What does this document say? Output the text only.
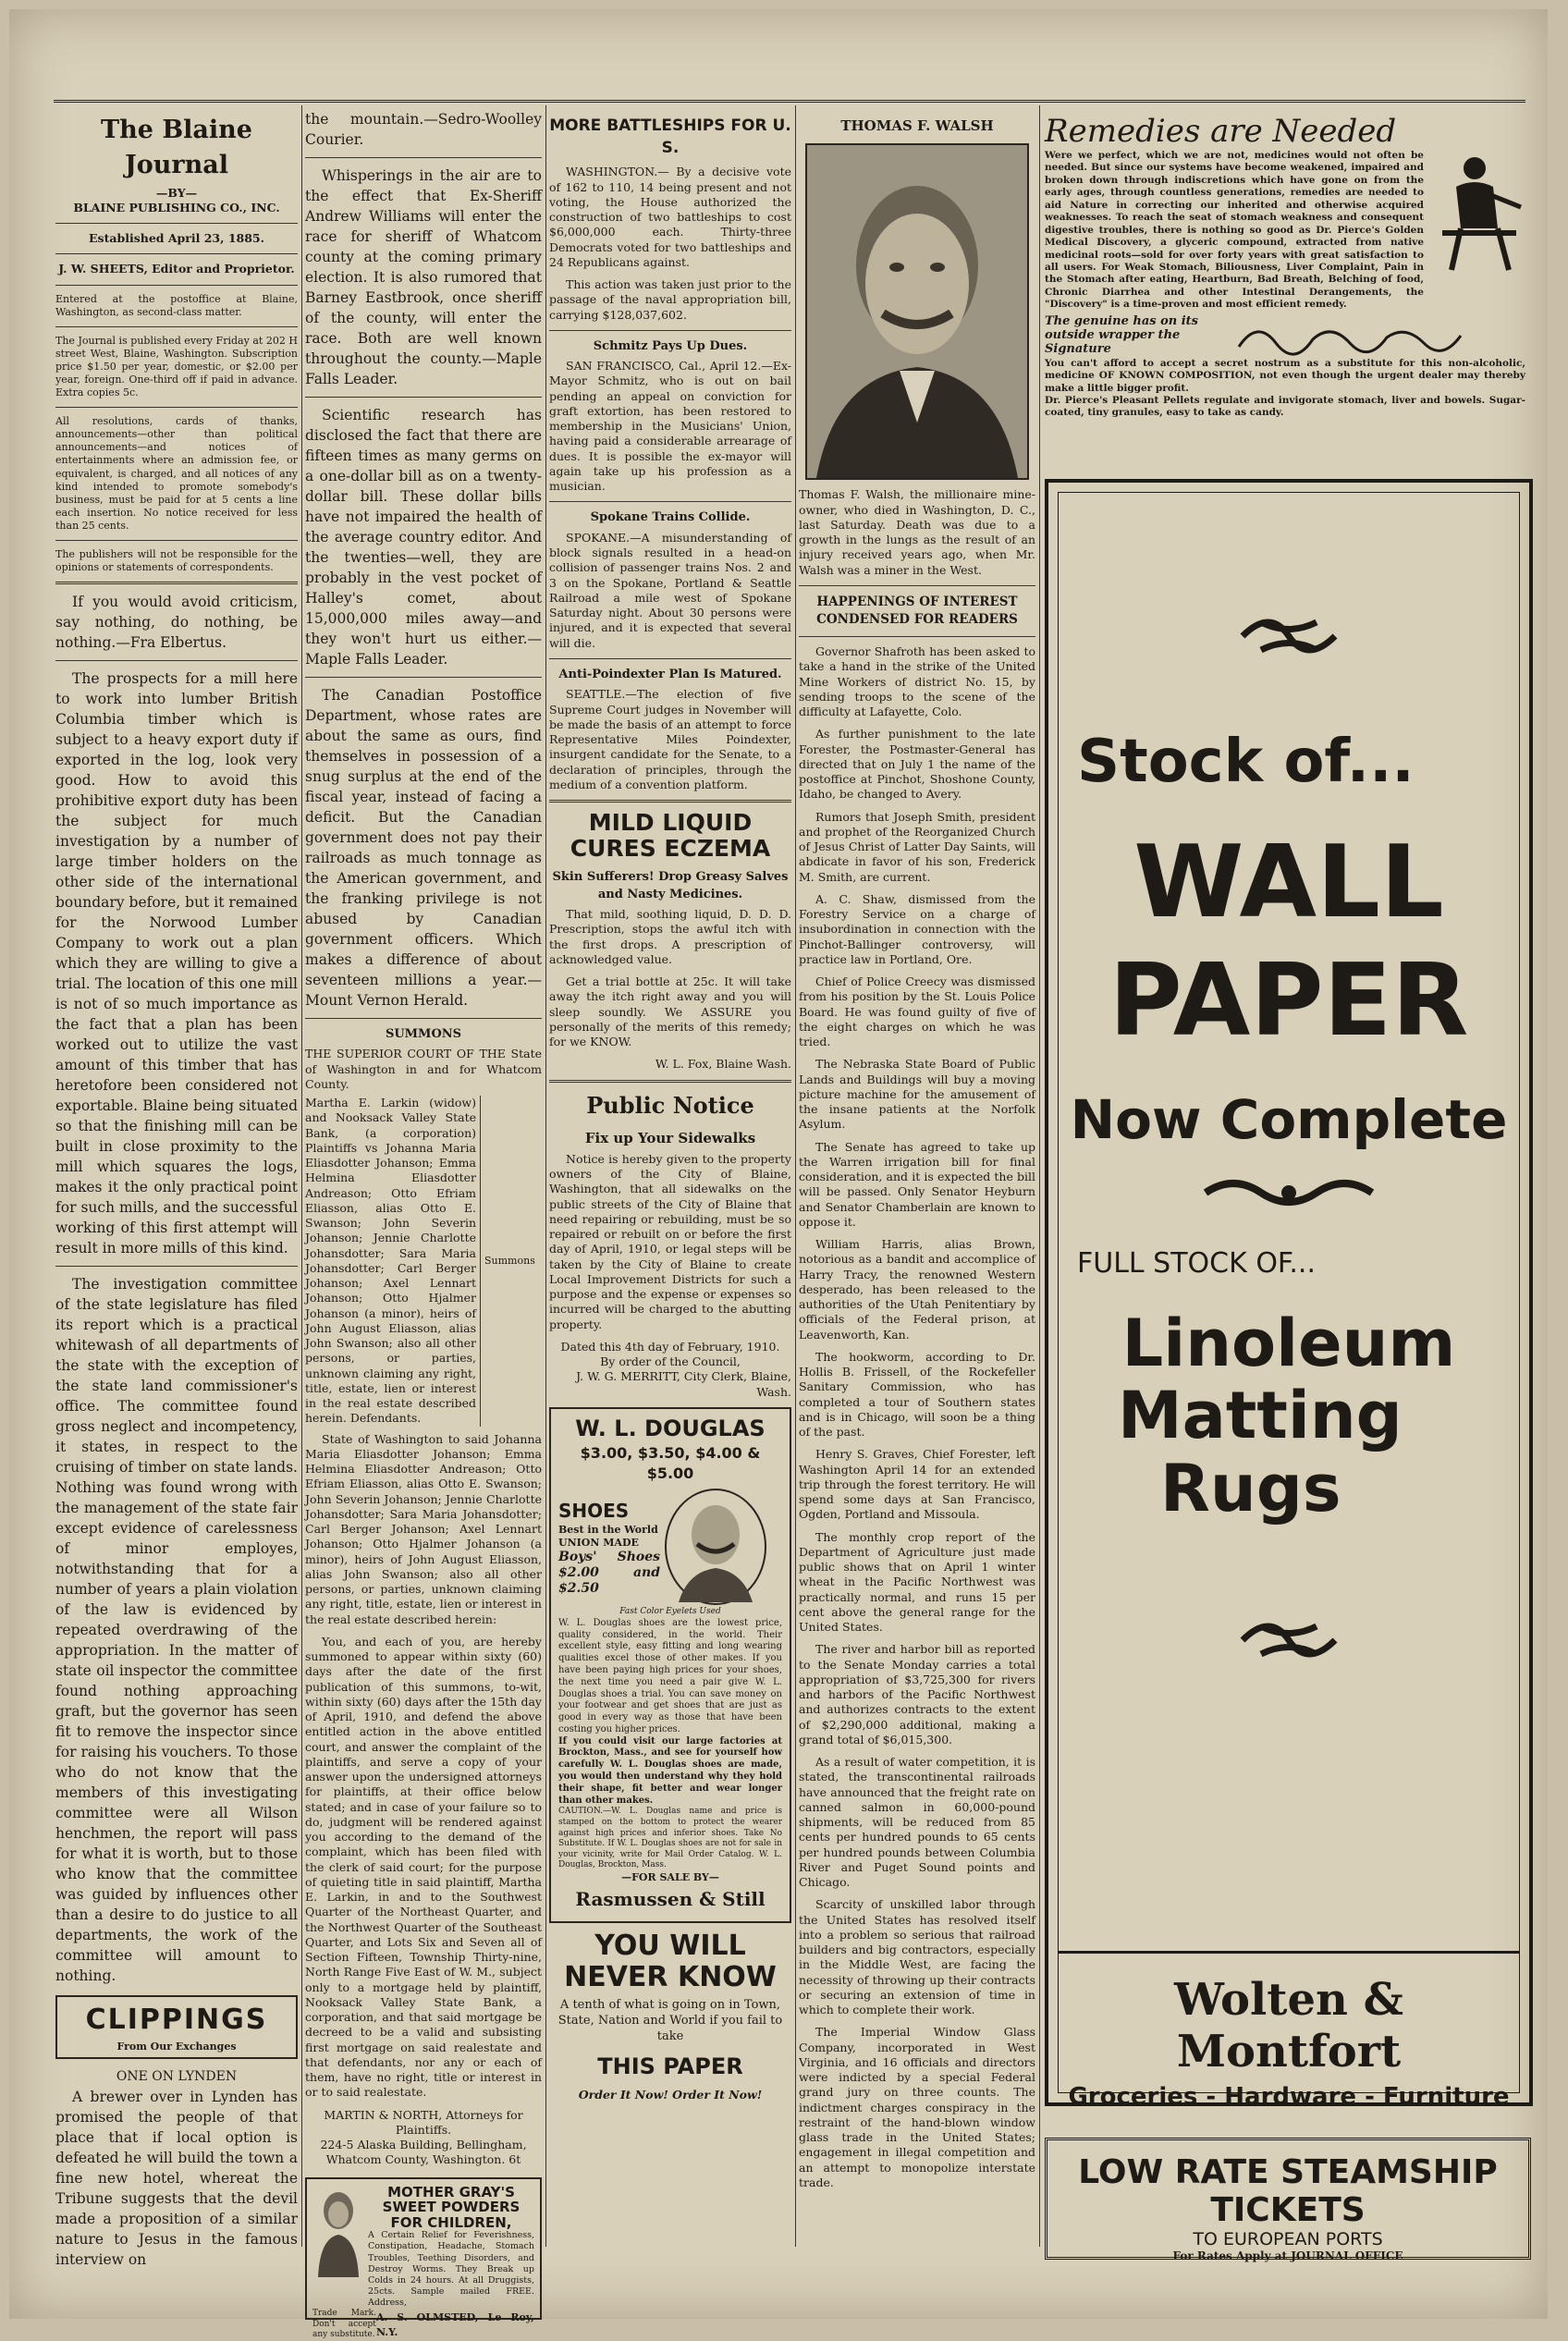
The Blaine Journal
—BY—
BLAINE PUBLISHING CO., INC.
Established April 23, 1885.
J. W. SHEETS, Editor and Proprietor.
Entered at the postoffice at Blaine, Washington, as second-class matter.
The Journal is published every Friday at 202 H street West, Blaine, Washington. Subscription price $1.50 per year, domestic, or $2.00 per year, foreign. One-third off if paid in advance. Extra copies 5c.
All resolutions, cards of thanks, announcements—other than political announcements—and notices of entertainments where an admission fee, or equivalent, is charged, and all notices of any kind intended to promote somebody's business, must be paid for at 5 cents a line each insertion. No notice received for less than 25 cents.
The publishers will not be responsible for the opinions or statements of correspondents.

If you would avoid criticism, say nothing, do nothing, be nothing.—Fra Elbertus.

The prospects for a mill here to work into lumber British Columbia timber which is subject to a heavy export duty if exported in the log, look very good. How to avoid this prohibitive export duty has been the subject for much investigation by a number of large timber holders on the other side of the international boundary before, but it remained for the Norwood Lumber Company to work out a plan which they are willing to give a trial. The location of this one mill is not of so much importance as the fact that a plan has been worked out to utilize the vast amount of this timber that has heretofore been considered not exportable. Blaine being situated so that the finishing mill can be built in close proximity to the mill which squares the logs, makes it the only practical point for such mills, and the successful working of this first attempt will result in more mills of this kind.

The investigation committee of the state legislature has filed its report which is a practical whitewash of all departments of the state with the exception of the state land commissioner's office. The committee found gross neglect and incompetency, it states, in respect to the cruising of timber on state lands. Nothing was found wrong with the management of the state fair except evidence of carelessness of minor employes, notwithstanding that for a number of years a plain violation of the law is evidenced by repeated overdrawing of the appropriation. In the matter of state oil inspector the committee found nothing approaching graft, but the governor has seen fit to remove the inspector since for raising his vouchers. To those who do not know that the members of this investigating committee were all Wilson henchmen, the report will pass for what it is worth, but to those who know that the committee was guided by influences other than a desire to do justice to all departments, the work of the committee will amount to nothing.

CLIPPINGS
From Our Exchanges
ONE ON LYNDEN

A brewer over in Lynden has promised the people of that place that if local option is defeated he will build the town a fine new hotel, whereat the Tribune suggests that the devil made a proposition of a similar nature to Jesus in the famous interview on

the mountain.—Sedro-Woolley Courier.

Whisperings in the air are to the effect that Ex-Sheriff Andrew Williams will enter the race for sheriff of Whatcom county at the coming primary election. It is also rumored that Barney Eastbrook, once sheriff of the county, will enter the race. Both are well known throughout the county.—Maple Falls Leader.

Scientific research has disclosed the fact that there are fifteen times as many germs on a one-dollar bill as on a twenty-dollar bill. These dollar bills have not impaired the health of the average country editor. And the twenties—well, they are probably in the vest pocket of Halley's comet, about 15,000,000 miles away—and they won't hurt us either.—Maple Falls Leader.

The Canadian Postoffice Department, whose rates are about the same as ours, find themselves in possession of a snug surplus at the end of the fiscal year, instead of facing a deficit. But the Canadian government does not pay their railroads as much tonnage as the American government, and the franking privilege is not abused by Canadian government officers. Which makes a difference of about seventeen millions a year.—Mount Vernon Herald.

SUMMONS
THE SUPERIOR COURT OF THE State of Washington in and for Whatcom County.
Martha E. Larkin (widow) and Nooksack Valley State Bank, (a corporation) Plaintiffs vs Johanna Maria Eliasdotter Johanson; Emma Helmina Eliasdotter Andreason; Otto Efriam Eliasson, alias Otto E. Swanson; John Severin Johanson; Jennie Charlotte Johansdotter; Sara Maria Johansdotter; Carl Berger Johanson; Axel Lennart Johanson; Otto Hjalmer Johanson (a minor), heirs of John August Eliasson, alias John Swanson; also all other persons, or parties, unknown claiming any right, title, estate, lien or interest in the real estate described herein. Defendants.
Summons

State of Washington to said Johanna Maria Eliasdotter Johanson; Emma Helmina Eliasdotter Andreason; Otto Efriam Eliasson, alias Otto E. Swanson; John Severin Johanson; Jennie Charlotte Johansdotter; Sara Maria Johansdotter; Carl Berger Johanson; Axel Lennart Johanson; Otto Hjalmer Johanson (a minor), heirs of John August Eliasson, alias John Swanson; also all other persons, or parties, unknown claiming any right, title, estate, lien or interest in the real estate described herein:

You, and each of you, are hereby summoned to appear within sixty (60) days after the date of the first publication of this summons, to-wit, within sixty (60) days after the 15th day of April, 1910, and defend the above entitled action in the above entitled court, and answer the complaint of the plaintiffs, and serve a copy of your answer upon the undersigned attorneys for plaintiffs, at their office below stated; and in case of your failure so to do, judgment will be rendered against you according to the demand of the complaint, which has been filed with the clerk of said court; for the purpose of quieting title in said plaintiff, Martha E. Larkin, in and to the Southwest Quarter of the Northeast Quarter, and the Northwest Quarter of the Southeast Quarter, and Lots Six and Seven all of Section Fifteen, Township Thirty-nine, North Range Five East of W. M., subject only to a mortgage held by plaintiff, Nooksack Valley State Bank, a corporation, and that said mortgage be decreed to be a valid and subsisting first mortgage on said realestate and that defendants, nor any or each of them, have no right, title or interest in or to said realestate.

MARTIN & NORTH, Attorneys for Plaintiffs.
224-5 Alaska Building, Bellingham, Whatcom County, Washington. 6t
MOTHER GRAY'S SWEET POWDERS FOR CHILDREN,
A Certain Relief for Feverishness, Constipation, Headache, Stomach Troubles, Teething Disorders, and Destroy Worms. They Break up Colds in 24 hours. At all Druggists, 25cts. Sample mailed FREE. Address,
Trade Mark. Don't accept any substitute.
A. S. OLMSTED, Le Roy, N.Y.
MORE BATTLESHIPS FOR U. S.

WASHINGTON.— By a decisive vote of 162 to 110, 14 being present and not voting, the House authorized the construction of two battleships to cost $6,000,000 each. Thirty-three Democrats voted for two battleships and 24 Republicans against.

This action was taken just prior to the passage of the naval appropriation bill, carrying $128,037,602.

Schmitz Pays Up Dues.

SAN FRANCISCO, Cal., April 12.—Ex-Mayor Schmitz, who is out on bail pending an appeal on conviction for graft extortion, has been restored to membership in the Musicians' Union, having paid a considerable arrearage of dues. It is possible the ex-mayor will again take up his profession as a musician.

Spokane Trains Collide.

SPOKANE.—A misunderstanding of block signals resulted in a head-on collision of passenger trains Nos. 2 and 3 on the Spokane, Portland & Seattle Railroad a mile west of Spokane Saturday night. About 30 persons were injured, and it is expected that several will die.

Anti-Poindexter Plan Is Matured.

SEATTLE.—The election of five Supreme Court judges in November will be made the basis of an attempt to force Representative Miles Poindexter, insurgent candidate for the Senate, to a declaration of principles, through the medium of a convention platform.

MILD LIQUID CURES ECZEMA
Skin Sufferers! Drop Greasy Salves and Nasty Medicines.

That mild, soothing liquid, D. D. D. Prescription, stops the awful itch with the first drops. A prescription of acknowledged value.

Get a trial bottle at 25c. It will take away the itch right away and you will sleep soundly. We ASSURE you personally of the merits of this remedy; for we KNOW.

W. L. Fox, Blaine Wash.
Public Notice
Fix up Your Sidewalks

Notice is hereby given to the property owners of the City of Blaine, Washington, that all sidewalks on the public streets of the City of Blaine that need repairing or rebuilding, must be so repaired or rebuilt on or before the first day of April, 1910, or legal steps will be taken by the City of Blaine to create Local Improvement Districts for such a purpose and the expense or expenses so incurred will be charged to the abutting property.

Dated this 4th day of February, 1910.
By order of the Council,
J. W. G. MERRITT, City Clerk, Blaine, Wash.
W. L. DOUGLAS
$3.00, $3.50, $4.00 & $5.00
SHOES
Best in the World
UNION MADE
Boys' Shoes $2.00 and $2.50
Fast Color Eyelets Used
W. L. Douglas shoes are the lowest price, quality considered, in the world. Their excellent style, easy fitting and long wearing qualities excel those of other makes. If you have been paying high prices for your shoes, the next time you need a pair give W. L. Douglas shoes a trial. You can save money on your footwear and get shoes that are just as good in every way as those that have been costing you higher prices.
If you could visit our large factories at Brockton, Mass., and see for yourself how carefully W. L. Douglas shoes are made, you would then understand why they hold their shape, fit better and wear longer than other makes.
CAUTION.—W. L. Douglas name and price is stamped on the bottom to protect the wearer against high prices and inferior shoes. Take No Substitute. If W. L. Douglas shoes are not for sale in your vicinity, write for Mail Order Catalog. W. L. Douglas, Brockton, Mass.
—FOR SALE BY—
Rasmussen & Still
YOU WILL NEVER KNOW
A tenth of what is going on in Town, State, Nation and World if you fail to take
THIS PAPER
Order It Now! Order It Now!
THOMAS F. WALSH
Thomas F. Walsh, the millionaire mine-owner, who died in Washington, D. C., last Saturday. Death was due to a growth in the lungs as the result of an injury received years ago, when Mr. Walsh was a miner in the West.
HAPPENINGS OF INTEREST CONDENSED FOR READERS

Governor Shafroth has been asked to take a hand in the strike of the United Mine Workers of district No. 15, by sending troops to the scene of the difficulty at Lafayette, Colo.

As further punishment to the late Forester, the Postmaster-General has directed that on July 1 the name of the postoffice at Pinchot, Shoshone County, Idaho, be changed to Avery.

Rumors that Joseph Smith, president and prophet of the Reorganized Church of Jesus Christ of Latter Day Saints, will abdicate in favor of his son, Frederick M. Smith, are current.

A. C. Shaw, dismissed from the Forestry Service on a charge of insubordination in connection with the Pinchot-Ballinger controversy, will practice law in Portland, Ore.

Chief of Police Creecy was dismissed from his position by the St. Louis Police Board. He was found guilty of five of the eight charges on which he was tried.

The Nebraska State Board of Public Lands and Buildings will buy a moving picture machine for the amusement of the insane patients at the Norfolk Asylum.

The Senate has agreed to take up the Warren irrigation bill for final consideration, and it is expected the bill will be passed. Only Senator Heyburn and Senator Chamberlain are known to oppose it.

William Harris, alias Brown, notorious as a bandit and accomplice of Harry Tracy, the renowned Western desperado, has been released to the authorities of the Utah Penitentiary by officials of the Federal prison, at Leavenworth, Kan.

The hookworm, according to Dr. Hollis B. Frissell, of the Rockefeller Sanitary Commission, who has completed a tour of Southern states and is in Chicago, will soon be a thing of the past.

Henry S. Graves, Chief Forester, left Washington April 14 for an extended trip through the forest territory. He will spend some days at San Francisco, Ogden, Portland and Missoula.

The monthly crop report of the Department of Agriculture just made public shows that on April 1 winter wheat in the Pacific Northwest was practically normal, and runs 15 per cent above the general range for the United States.

The river and harbor bill as reported to the Senate Monday carries a total appropriation of $3,725,300 for rivers and harbors of the Pacific Northwest and authorizes contracts to the extent of $2,290,000 additional, making a grand total of $6,015,300.

As a result of water competition, it is stated, the transcontinental railroads have announced that the freight rate on canned salmon in 60,000-pound shipments, will be reduced from 85 cents per hundred pounds to 65 cents per hundred pounds between Columbia River and Puget Sound points and Chicago.

Scarcity of unskilled labor through the United States has resolved itself into a problem so serious that railroad builders and big contractors, especially in the Middle West, are facing the necessity of throwing up their contracts or securing an extension of time in which to complete their work.

The Imperial Window Glass Company, incorporated in West Virginia, and 16 officials and directors were indicted by a special Federal grand jury on three counts. The indictment charges conspiracy in the restraint of the hand-blown window glass trade in the United States; engagement in illegal competition and an attempt to monopolize interstate trade.

Remedies are Needed
Were we perfect, which we are not, medicines would not often be needed. But since our systems have become weakened, impaired and broken down through indiscretions which have gone on from the early ages, through countless generations, remedies are needed to aid Nature in correcting our inherited and otherwise acquired weaknesses. To reach the seat of stomach weakness and consequent digestive troubles, there is nothing so good as Dr. Pierce's Golden Medical Discovery, a glyceric compound, extracted from native medicinal roots—sold for over forty years with great satisfaction to all users. For Weak Stomach, Biliousness, Liver Complaint, Pain in the Stomach after eating, Heartburn, Bad Breath, Belching of food, Chronic Diarrhea and other Intestinal Derangements, the "Discovery" is a time-proven and most efficient remedy.
The genuine has on its outside wrapper the Signature
You can't afford to accept a secret nostrum as a substitute for this non-alcoholic, medicine OF KNOWN COMPOSITION, not even though the urgent dealer may thereby make a little bigger profit.
Dr. Pierce's Pleasant Pellets regulate and invigorate stomach, liver and bowels. Sugar-coated, tiny granules, easy to take as candy.
Stock of...
WALL
PAPER
Now Complete
FULL STOCK OF...
Linoleum
Matting
Rugs
Wolten & Montfort
Groceries - Hardware - Furniture
LOW RATE STEAMSHIP TICKETS
TO EUROPEAN PORTS
For Rates Apply at JOURNAL OFFICE
